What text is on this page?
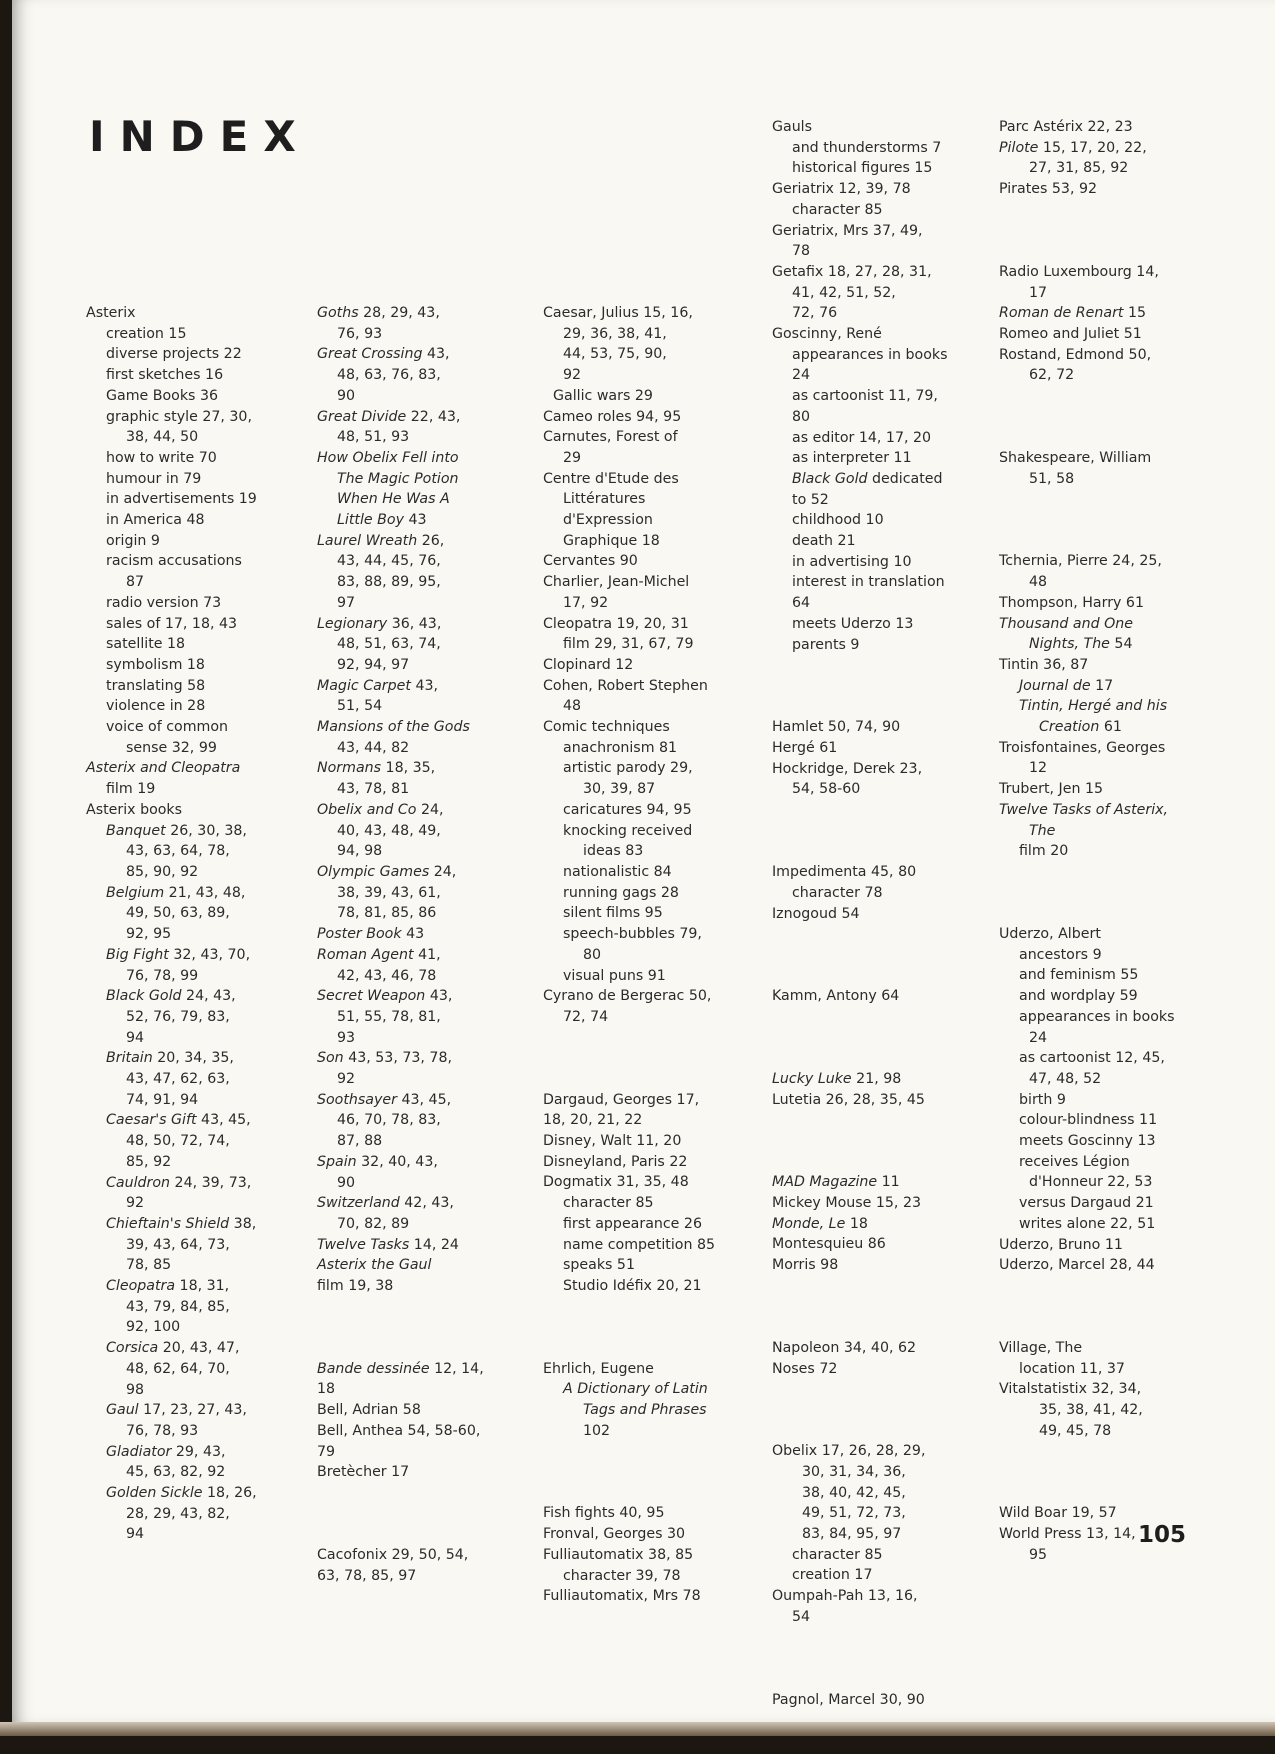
INDEX
Asterix
creation 15
diverse projects 22
first sketches 16
Game Books 36
graphic style 27, 30,
38, 44, 50
how to write 70
humour in 79
in advertisements 19
in America 48
origin 9
racism accusations
87
radio version 73
sales of 17, 18, 43
satellite 18
symbolism 18
translating 58
violence in 28
voice of common
sense 32, 99
Asterix and Cleopatra
film 19
Asterix books
Banquet 26, 30, 38,
43, 63, 64, 78,
85, 90, 92
Belgium 21, 43, 48,
49, 50, 63, 89,
92, 95
Big Fight 32, 43, 70,
76, 78, 99
Black Gold 24, 43,
52, 76, 79, 83,
94
Britain 20, 34, 35,
43, 47, 62, 63,
74, 91, 94
Caesar's Gift 43, 45,
48, 50, 72, 74,
85, 92
Cauldron 24, 39, 73,
92
Chieftain's Shield 38,
39, 43, 64, 73,
78, 85
Cleopatra 18, 31,
43, 79, 84, 85,
92, 100
Corsica 20, 43, 47,
48, 62, 64, 70,
98
Gaul 17, 23, 27, 43,
76, 78, 93
Gladiator 29, 43,
45, 63, 82, 92
Golden Sickle 18, 26,
28, 29, 43, 82,
94
Goths 28, 29, 43,
76, 93
Great Crossing 43,
48, 63, 76, 83,
90
Great Divide 22, 43,
48, 51, 93
How Obelix Fell into
The Magic Potion
When He Was A
Little Boy 43
Laurel Wreath 26,
43, 44, 45, 76,
83, 88, 89, 95,
97
Legionary 36, 43,
48, 51, 63, 74,
92, 94, 97
Magic Carpet 43,
51, 54
Mansions of the Gods
43, 44, 82
Normans 18, 35,
43, 78, 81
Obelix and Co 24,
40, 43, 48, 49,
94, 98
Olympic Games 24,
38, 39, 43, 61,
78, 81, 85, 86
Poster Book 43
Roman Agent 41,
42, 43, 46, 78
Secret Weapon 43,
51, 55, 78, 81,
93
Son 43, 53, 73, 78,
92
Soothsayer 43, 45,
46, 70, 78, 83,
87, 88
Spain 32, 40, 43,
90
Switzerland 42, 43,
70, 82, 89
Twelve Tasks 14, 24
Asterix the Gaul
film 19, 38
Bande dessinée 12, 14,
18
Bell, Adrian 58
Bell, Anthea 54, 58-60,
79
Bretècher 17
Cacofonix 29, 50, 54,
63, 78, 85, 97
Caesar, Julius 15, 16,
29, 36, 38, 41,
44, 53, 75, 90,
92
Gallic wars 29
Cameo roles 94, 95
Carnutes, Forest of
29
Centre d'Etude des
Littératures
d'Expression
Graphique 18
Cervantes 90
Charlier, Jean-Michel
17, 92
Cleopatra 19, 20, 31
film 29, 31, 67, 79
Clopinard 12
Cohen, Robert Stephen
48
Comic techniques
anachronism 81
artistic parody 29,
30, 39, 87
caricatures 94, 95
knocking received
ideas 83
nationalistic 84
running gags 28
silent films 95
speech-bubbles 79,
80
visual puns 91
Cyrano de Bergerac 50,
72, 74
Dargaud, Georges 17,
18, 20, 21, 22
Disney, Walt 11, 20
Disneyland, Paris 22
Dogmatix 31, 35, 48
character 85
first appearance 26
name competition 85
speaks 51
Studio Idéfix 20, 21
Ehrlich, Eugene
A Dictionary of Latin
Tags and Phrases
102
Fish fights 40, 95
Fronval, Georges 30
Fulliautomatix 38, 85
character 39, 78
Fulliautomatix, Mrs 78
Gauls
and thunderstorms 7
historical figures 15
Geriatrix 12, 39, 78
character 85
Geriatrix, Mrs 37, 49,
78
Getafix 18, 27, 28, 31,
41, 42, 51, 52,
72, 76
Goscinny, René
appearances in books
24
as cartoonist 11, 79,
80
as editor 14, 17, 20
as interpreter 11
Black Gold dedicated
to 52
childhood 10
death 21
in advertising 10
interest in translation
64
meets Uderzo 13
parents 9
Hamlet 50, 74, 90
Hergé 61
Hockridge, Derek 23,
54, 58-60
Impedimenta 45, 80
character 78
Iznogoud 54
Kamm, Antony 64
Lucky Luke 21, 98
Lutetia 26, 28, 35, 45
MAD Magazine 11
Mickey Mouse 15, 23
Monde, Le 18
Montesquieu 86
Morris 98
Napoleon 34, 40, 62
Noses 72
Obelix 17, 26, 28, 29,
30, 31, 34, 36,
38, 40, 42, 45,
49, 51, 72, 73,
83, 84, 95, 97
character 85
creation 17
Oumpah-Pah 13, 16,
54
Pagnol, Marcel 30, 90
Parc Astérix 22, 23
Pilote 15, 17, 20, 22,
27, 31, 85, 92
Pirates 53, 92
Radio Luxembourg 14,
17
Roman de Renart 15
Romeo and Juliet 51
Rostand, Edmond 50,
62, 72
Shakespeare, William
51, 58
Tchernia, Pierre 24, 25,
48
Thompson, Harry 61
Thousand and One
Nights, The 54
Tintin 36, 87
Journal de 17
Tintin, Hergé and his
Creation 61
Troisfontaines, Georges
12
Trubert, Jen 15
Twelve Tasks of Asterix,
The
film 20
Uderzo, Albert
ancestors 9
and feminism 55
and wordplay 59
appearances in books
24
as cartoonist 12, 45,
47, 48, 52
birth 9
colour-blindness 11
meets Goscinny 13
receives Légion
d'Honneur 22, 53
versus Dargaud 21
writes alone 22, 51
Uderzo, Bruno 11
Uderzo, Marcel 28, 44
Village, The
location 11, 37
Vitalstatistix 32, 34,
35, 38, 41, 42,
49, 45, 78
Wild Boar 19, 57
World Press 13, 14,
95
105
